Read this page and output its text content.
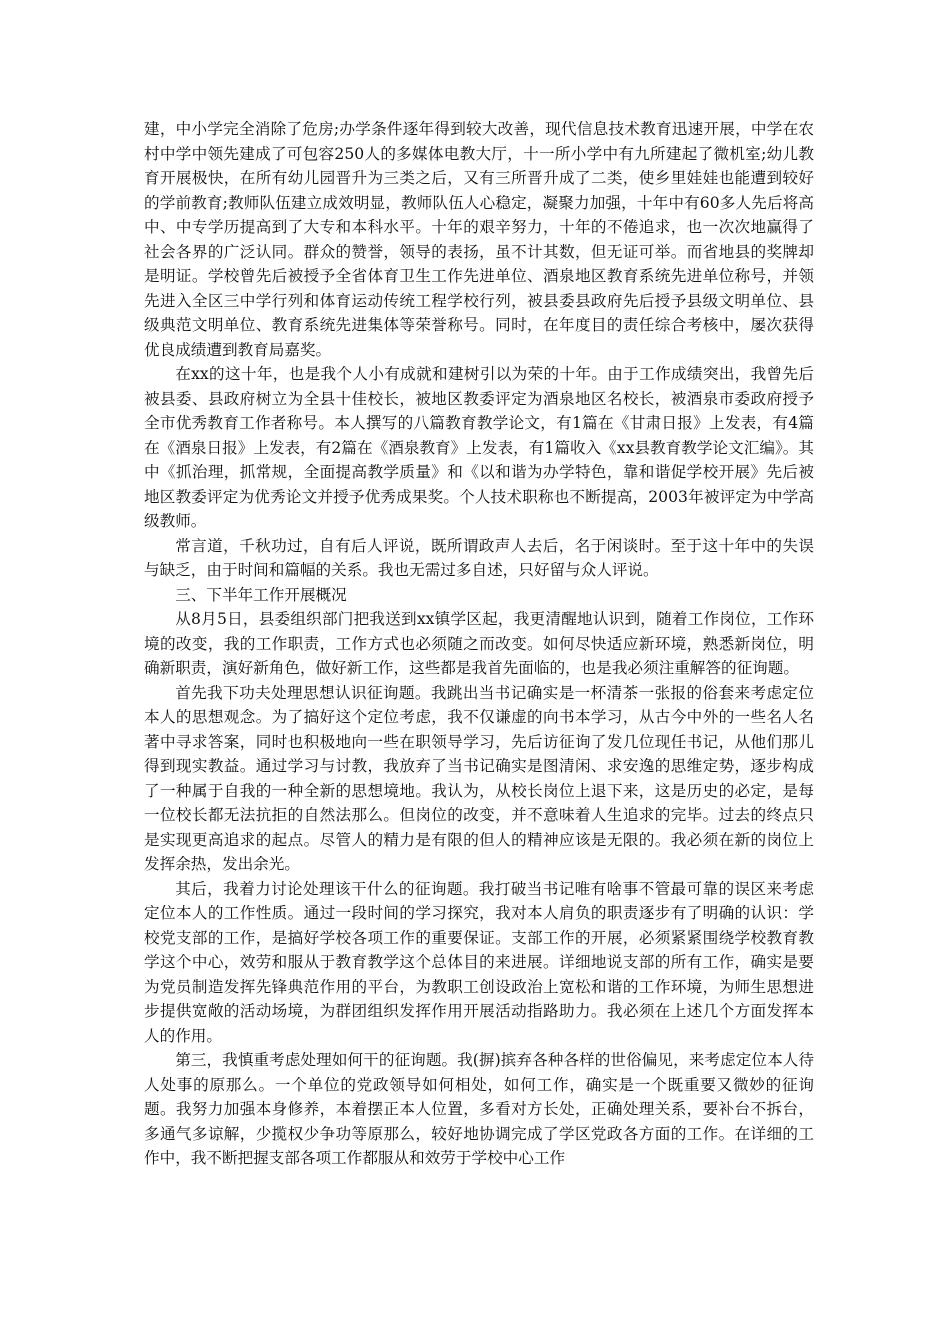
建，中小学完全消除了危房;办学条件逐年得到较大改善，现代信息技术教育迅速开展，中学在农村中学中领先建成了可包容250人的多媒体电教大厅，十一所小学中有九所建起了微机室;幼儿教育开展极快，在所有幼儿园晋升为三类之后，又有三所晋升成了二类，使乡里娃娃也能遭到较好的学前教育;教师队伍建立成效明显，教师队伍人心稳定，凝聚力加强，十年中有60多人先后将高中、中专学历提高到了大专和本科水平。十年的艰辛努力，十年的不倦追求，也一次次地赢得了社会各界的广泛认同。群众的赞誉，领导的表扬，虽不计其数，但无证可举。而省地县的奖牌却是明证。学校曾先后被授予全省体育卫生工作先进单位、酒泉地区教育系统先进单位称号，并领先进入全区三中学行列和体育运动传统工程学校行列，被县委县政府先后授予县级文明单位、县级典范文明单位、教育系统先进集体等荣誉称号。同时，在年度目的责任综合考核中，屡次获得优良成绩遭到教育局嘉奖。

在xx的这十年，也是我个人小有成就和建树引以为荣的十年。由于工作成绩突出，我曾先后被县委、县政府树立为全县十佳校长，被地区教委评定为酒泉地区名校长，被酒泉市委政府授予全市优秀教育工作者称号。本人撰写的八篇教育教学论文，有1篇在《甘肃日报》上发表，有4篇在《酒泉日报》上发表，有2篇在《酒泉教育》上发表，有1篇收入《xx县教育教学论文汇编》。其中《抓治理，抓常规，全面提高教学质量》和《以和谐为办学特色，靠和谐促学校开展》先后被地区教委评定为优秀论文并授予优秀成果奖。个人技术职称也不断提高，2003年被评定为中学高级教师。

常言道，千秋功过，自有后人评说，既所谓政声人去后，名于闲谈时。至于这十年中的失误与缺乏，由于时间和篇幅的关系。我也无需过多自述，只好留与众人评说。

三、下半年工作开展概况

从8月5日，县委组织部门把我送到xx镇学区起，我更清醒地认识到，随着工作岗位，工作环境的改变，我的工作职责，工作方式也必须随之而改变。如何尽快适应新环境，熟悉新岗位，明确新职责，演好新角色，做好新工作，这些都是我首先面临的，也是我必须注重解答的征询题。

首先我下功夫处理思想认识征询题。我跳出当书记确实是一杯清茶一张报的俗套来考虑定位本人的思想观念。为了搞好这个定位考虑，我不仅谦虚的向书本学习，从古今中外的一些名人名著中寻求答案，同时也积极地向一些在职领导学习，先后访征询了发几位现任书记，从他们那儿得到现实教益。通过学习与讨教，我放弃了当书记确实是图清闲、求安逸的思维定势，逐步构成了一种属于自我的一种全新的思想境地。我认为，从校长岗位上退下来，这是历史的必定，是每一位校长都无法抗拒的自然法那么。但岗位的改变，并不意味着人生追求的完毕。过去的终点只是实现更高追求的起点。尽管人的精力是有限的但人的精神应该是无限的。我必须在新的岗位上发挥余热，发出余光。

其后，我着力讨论处理该干什么的征询题。我打破当书记唯有啥事不管最可靠的误区来考虑定位本人的工作性质。通过一段时间的学习探究，我对本人肩负的职责逐步有了明确的认识：学校党支部的工作，是搞好学校各项工作的重要保证。支部工作的开展，必须紧紧围绕学校教育教学这个中心，效劳和服从于教育教学这个总体目的来进展。详细地说支部的所有工作，确实是要为党员制造发挥先锋典范作用的平台，为教职工创设政治上宽松和谐的工作环境，为师生思想进步提供宽敞的活动场境，为群团组织发挥作用开展活动指路助力。我必须在上述几个方面发挥本人的作用。

第三，我慎重考虑处理如何干的征询题。我(摒)摈弃各种各样的世俗偏见，来考虑定位本人待人处事的原那么。一个单位的党政领导如何相处，如何工作，确实是一个既重要又微妙的征询题。我努力加强本身修养，本着摆正本人位置，多看对方长处，正确处理关系，要补台不拆台，多通气多谅解，少揽权少争功等原那么，较好地协调完成了学区党政各方面的工作。在详细的工作中，我不断把握支部各项工作都服从和效劳于学校中心工作
